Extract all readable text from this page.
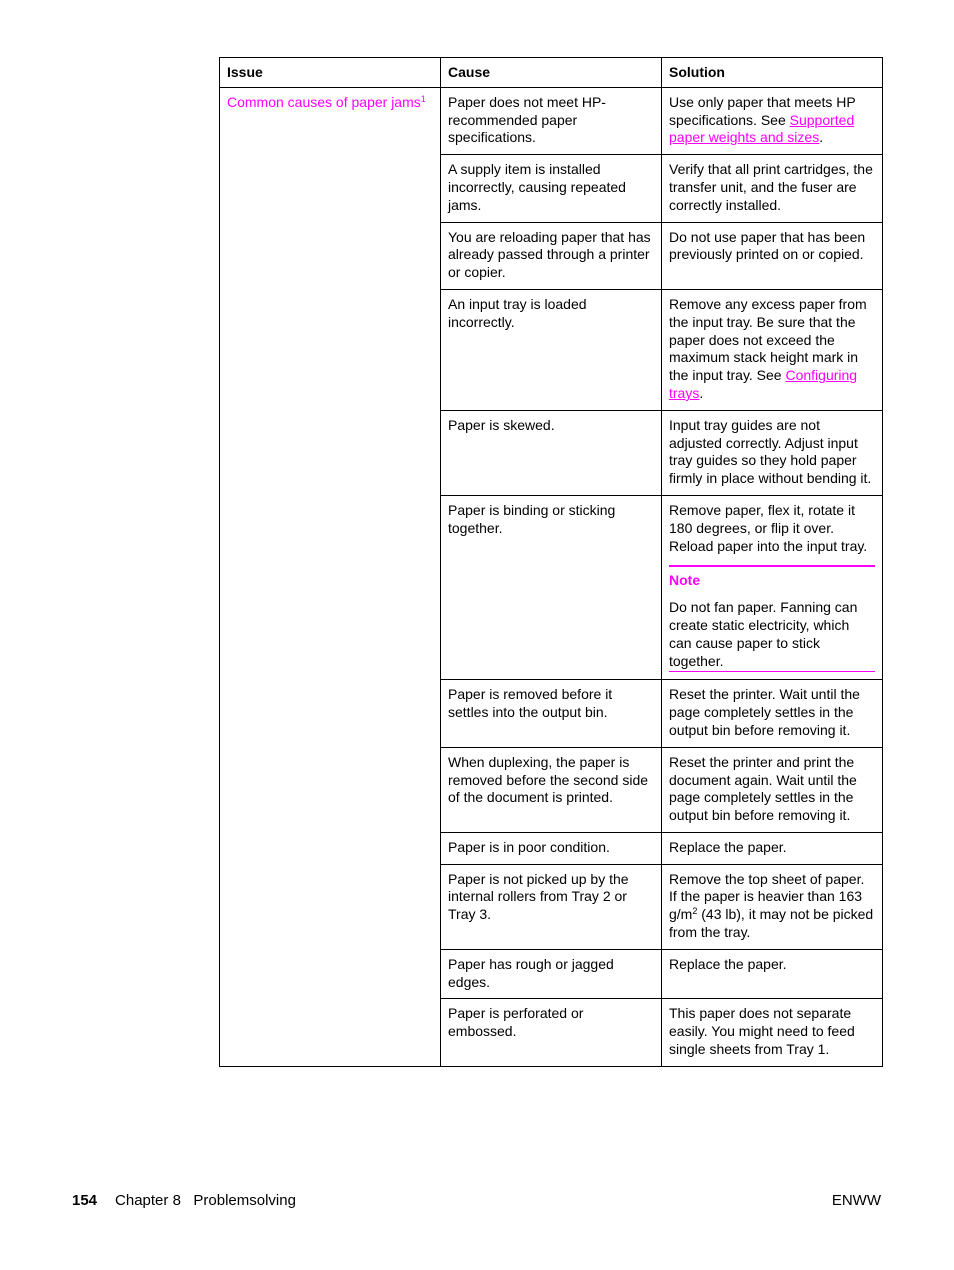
Issue	Cause	Solution
Common causes of paper jams$^1$	Paper does not meet HP-recommended paper specifications.	Use only paper that meets HP specifications. See Supported paper weights and sizes.
	A supply item is installed incorrectly, causing repeated jams.	Verify that all print cartridges, the transfer unit, and the fuser are correctly installed.
	You are reloading paper that has already passed through a printer or copier.	Do not use paper that has been previously printed on or copied.
	An input tray is loaded incorrectly.	Remove any excess paper from the input tray. Be sure that the paper does not exceed the maximum stack height mark in the input tray. See Configuring trays.
	Paper is skewed.	Input tray guides are not adjusted correctly. Adjust input tray guides so they hold paper firmly in place without bending it.
	Paper is binding or sticking together.	Remove paper, flex it, rotate it 180 degrees, or flip it over. Reload paper into the input tray.
Note
Do not fan paper. Fanning can create static electricity, which can cause paper to stick together.

	Paper is removed before it settles into the output bin.	Reset the printer. Wait until the page completely settles in the output bin before removing it.
	When duplexing, the paper is removed before the second side of the document is printed.	Reset the printer and print the document again. Wait until the page completely settles in the output bin before removing it.
	Paper is in poor condition.	Replace the paper.
	Paper is not picked up by the internal rollers from Tray 2 or Tray 3.	Remove the top sheet of paper. If the paper is heavier than 163 $g/m^2$ (43 lb), it may not be picked from the tray.
	Paper has rough or jagged edges.	Replace the paper.
	Paper is perforated or embossed.	This paper does not separate easily. You might need to feed single sheets from Tray 1.
154 Chapter 8   Problemsolving	ENWW
